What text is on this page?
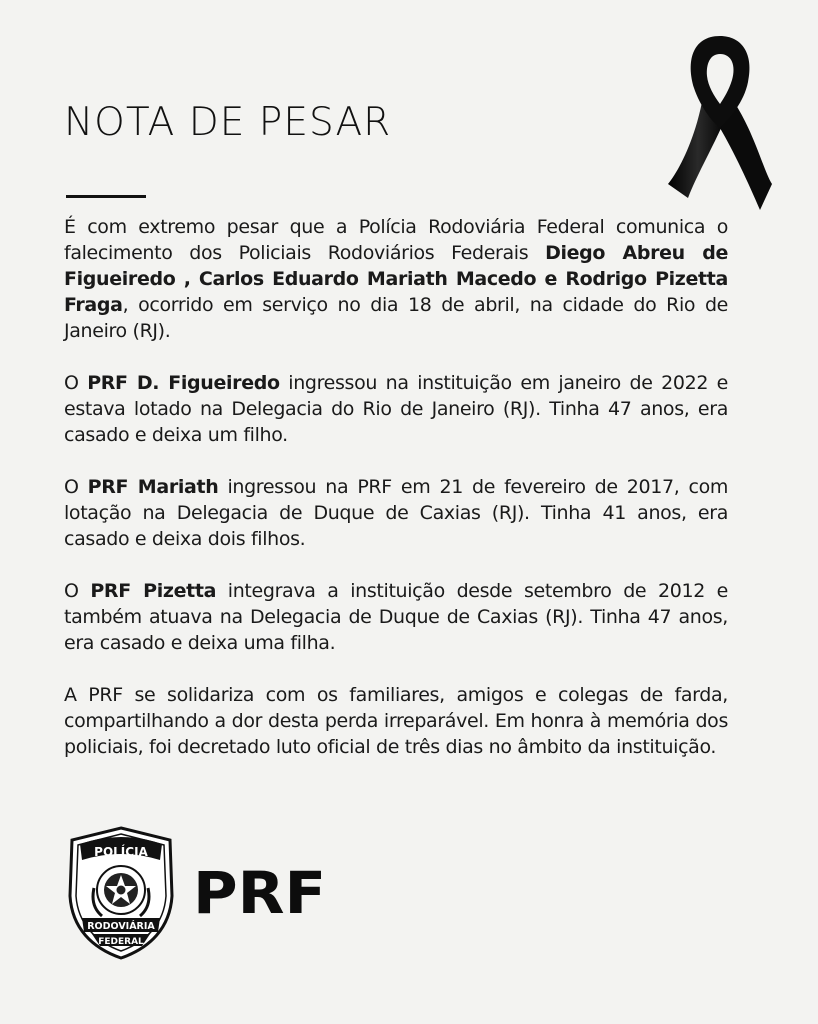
NOTA DE PESAR

É com extremo pesar que a Polícia Rodoviária Federal comunica o falecimento dos Policiais Rodoviários Federais Diego Abreu de Figueiredo , Carlos Eduardo Mariath Macedo e Rodrigo Pizetta Fraga, ocorrido em serviço no dia 18 de abril, na cidade do Rio de Janeiro (RJ).

O PRF D. Figueiredo ingressou na instituição em janeiro de 2022 e estava lotado na Delegacia do Rio de Janeiro (RJ). Tinha 47 anos, era casado e deixa um filho.

O PRF Mariath ingressou na PRF em 21 de fevereiro de 2017, com lotação na Delegacia de Duque de Caxias (RJ). Tinha 41 anos, era casado e deixa dois filhos.

O PRF Pizetta integrava a instituição desde setembro de 2012 e também atuava na Delegacia de Duque de Caxias (RJ). Tinha 47 anos, era casado e deixa uma filha.

A PRF se solidariza com os familiares, amigos e colegas de farda, compartilhando a dor desta perda irreparável. Em honra à memória dos policiais, foi decretado luto oficial de três dias no âmbito da instituição.

POLÍCIA
RODOVIÁRIA
FEDERAL
PRF
